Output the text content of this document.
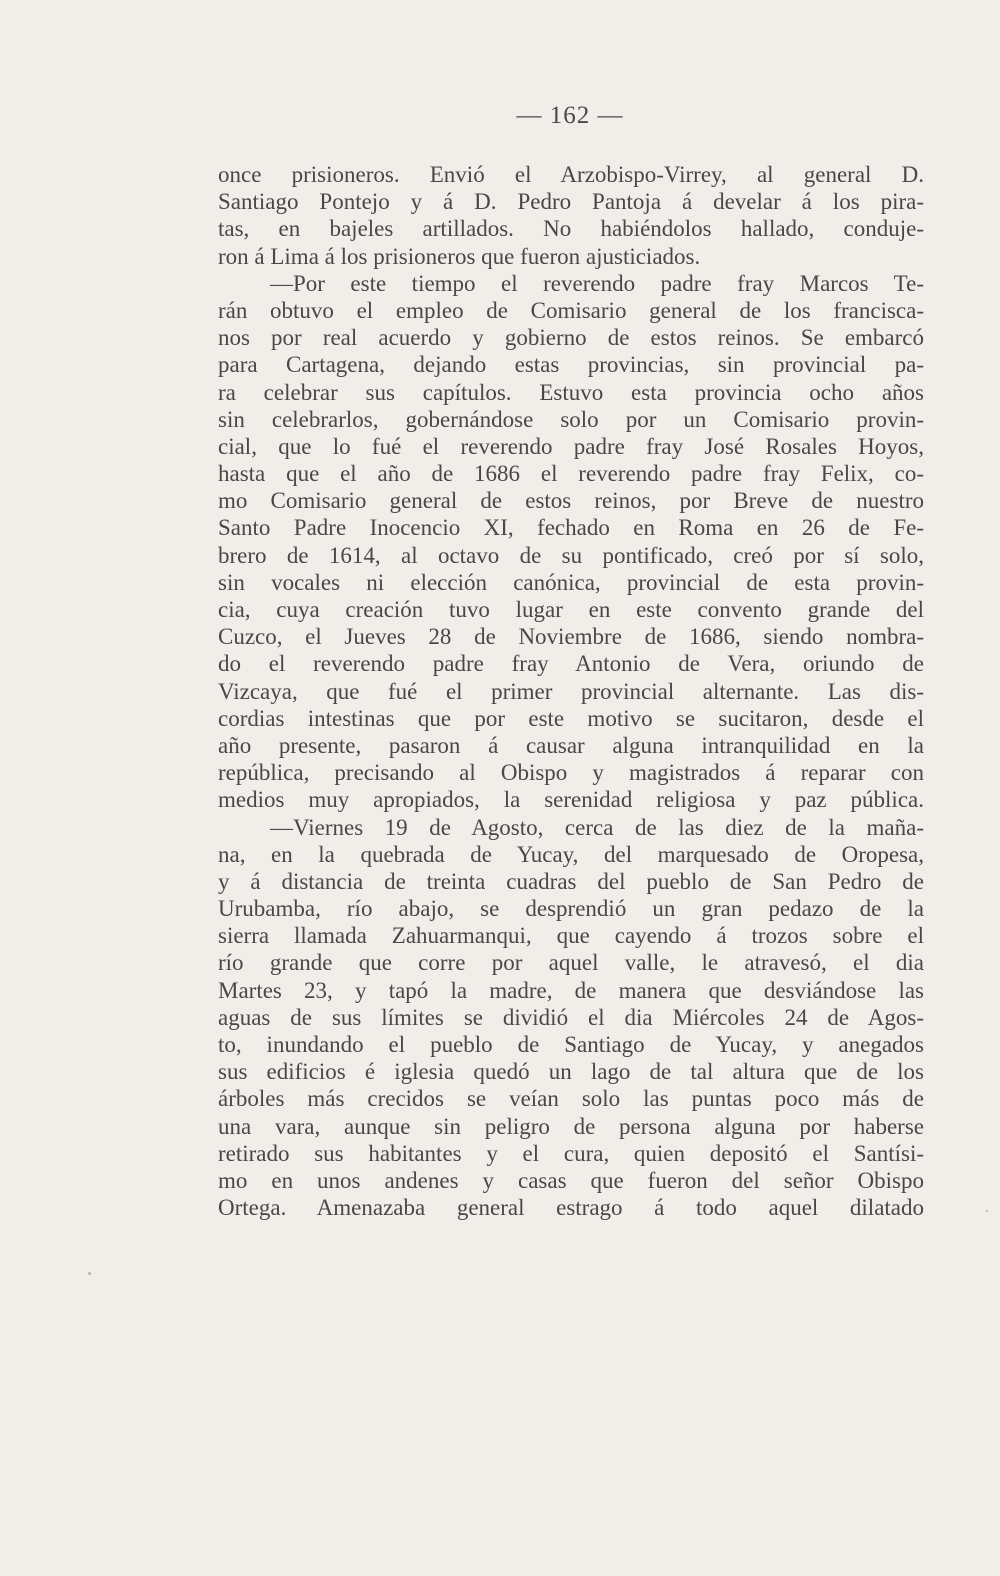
— 162 —
once prisioneros. Envió el Arzobispo-Virrey, al general D.
Santiago Pontejo y á D. Pedro Pantoja á develar á los pira-
tas, en bajeles artillados. No habiéndolos hallado, conduje-
ron á Lima á los prisioneros que fueron ajusticiados.
—Por este tiempo el reverendo padre fray Marcos Te-
rán obtuvo el empleo de Comisario general de los francisca-
nos por real acuerdo y gobierno de estos reinos. Se embarcó
para Cartagena, dejando estas provincias, sin provincial pa-
ra celebrar sus capítulos. Estuvo esta provincia ocho años
sin celebrarlos, gobernándose solo por un Comisario provin-
cial, que lo fué el reverendo padre fray José Rosales Hoyos,
hasta que el año de 1686 el reverendo padre fray Felix, co-
mo Comisario general de estos reinos, por Breve de nuestro
Santo Padre Inocencio XI, fechado en Roma en 26 de Fe-
brero de 1614, al octavo de su pontificado, creó por sí solo,
sin vocales ni elección canónica, provincial de esta provin-
cia, cuya creación tuvo lugar en este convento grande del
Cuzco, el Jueves 28 de Noviembre de 1686, siendo nombra-
do el reverendo padre fray Antonio de Vera, oriundo de
Vizcaya, que fué el primer provincial alternante. Las dis-
cordias intestinas que por este motivo se sucitaron, desde el
año presente, pasaron á causar alguna intranquilidad en la
república, precisando al Obispo y magistrados á reparar con
medios muy apropiados, la serenidad religiosa y paz pública.
—Viernes 19 de Agosto, cerca de las diez de la maña-
na, en la quebrada de Yucay, del marquesado de Oropesa,
y á distancia de treinta cuadras del pueblo de San Pedro de
Urubamba, río abajo, se desprendió un gran pedazo de la
sierra llamada Zahuarmanqui, que cayendo á trozos sobre el
río grande que corre por aquel valle, le atravesó, el dia
Martes 23, y tapó la madre, de manera que desviándose las
aguas de sus límites se dividió el dia Miércoles 24 de Agos-
to, inundando el pueblo de Santiago de Yucay, y anegados
sus edificios é iglesia quedó un lago de tal altura que de los
árboles más crecidos se veían solo las puntas poco más de
una vara, aunque sin peligro de persona alguna por haberse
retirado sus habitantes y el cura, quien depositó el Santísi-
mo en unos andenes y casas que fueron del señor Obispo
Ortega. Amenazaba general estrago á todo aquel dilatado
